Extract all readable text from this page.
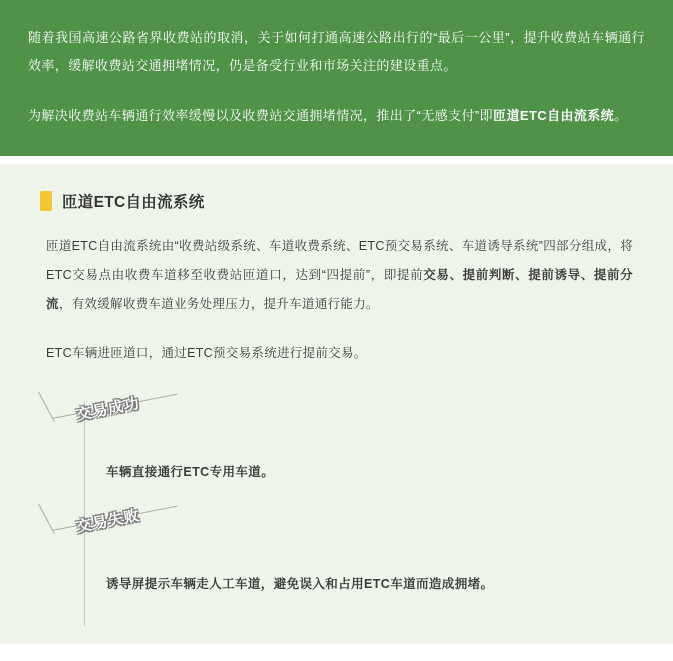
随着我国高速公路省界收费站的取消，关于如何打通高速公路出行的“最后一公里”，提升收费站车辆通行效率，缓解收费站交通拥堵情况，仍是备受行业和市场关注的建设重点。

为解决收费站车辆通行效率缓慢以及收费站交通拥堵情况，推出了“无感支付”即匝道ETC自由流系统。

匝道ETC自由流系统

匝道ETC自由流系统由“收费站级系统、车道收费系统、ETC预交易系统、车道诱导系统”四部分组成，将ETC交易点由收费车道移至收费站匝道口，达到“四提前”，即提前交易、提前判断、提前诱导、提前分流，有效缓解收费车道业务处理压力，提升车道通行能力。

ETC车辆进匝道口，通过ETC预交易系统进行提前交易。

交易成功
车辆直接通行ETC专用车道。
交易失败
诱导屏提示车辆走人工车道，避免误入和占用ETC车道而造成拥堵。
